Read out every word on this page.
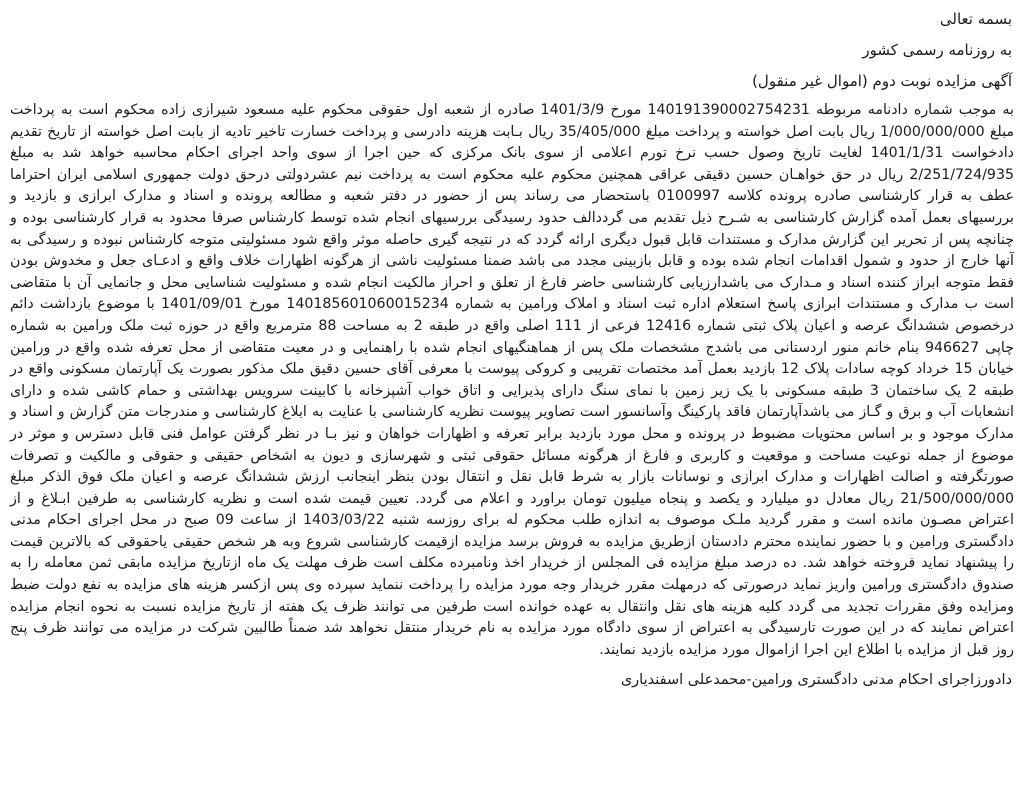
بسمه تعالی

به روزنامه رسمی کشور

آگهی مزایده نوبت دوم (اموال غیر منقول)

به موجب شماره دادنامه مربوطه 140191390002754231 مورخ 1401/3/9 صادره از شعبه اول حقوقی محکوم علیه مسعود شیرازی زاده محکوم است به پرداخت مبلغ 1/000/000/000 ریال بابت اصل خواسته و پرداخت مبلغ 35/405/000 ریال بـابت هزینه دادرسی و پرداخت خسارت تاخیر تادیه از بابت اصل خواسته از تاریخ تقدیم دادخواست 1401/1/31 لغایت تاریخ وصول حسب نرخ تورم اعلامی از سوی بانک مرکزی که حین اجرا از سوی واحد اجرای احکام محاسبه خواهد شد به مبلغ 2/251/724/935 ریال در حق خواهـان حسین دقیقی عراقی همچنین محکوم علیه محکوم است به پرداخت نیم عشردولتی درحق دولت جمهوری اسلامی ایران احتراما عطف به قرار کارشناسی صادره پرونده کلاسه 0100997 باستحضار می رساند پس از حضور در دفتر شعبه و مطالعه پرونده و اسناد و مدارک ابرازی و بازدید و بررسیهای بعمل آمده گزارش کارشناسی به شـرح ذیل تقدیم می گردد‌الف حدود رسیدگی بررسیهای انجام شده توسط کارشناس صرفا محدود به قرار کارشناسی بوده و چنانچه پس از تحریر این گزارش مدارک و مستندات قابل قبول دیگری ارائه گردد که در نتیجه گیری حاصله موثر واقع شود مسئولیتی متوجه کارشناس نبوده و رسیدگی به آنها خارج از حدود و شمول اقدامات انجام شده بوده و قابل بازبینی مجدد می باشد ضمنا مسئولیت ناشی از هرگونه اظهارات خلاف واقع و ادعـای جعل و مخدوش بودن فقط متوجه ابراز کننده اسناد و مـدارک می باشدارزیابی کارشناسی حاضر فارغ از تعلق و احراز مالکیت انجام شده و مسئولیت شناسایی محل و جانمایی آن با متقاضی است ب مدارک و مستندات ابرازی پاسخ استعلام اداره ثبت اسناد و املاک ورامین به شماره 140185601060015234 مورخ 1401/09/01 با موضوع بازداشت دائم درخصوص ششدانگ عرصه و اعیان پلاک ثبتی شماره 12416 فرعی از 111 اصلی واقع در طبقه 2 به مساحت 88 مترمربع واقع در حوزه ثبت ملک ورامین به شماره چاپی 946627 بنام خانم منور اردستانی می باشد‌ج مشخصات ملک پس از هماهنگیهای انجام شده با راهنمایی و در معیت متقاضی از محل تعرفه شده واقع در ورامین خیابان 15 خرداد کوچه سادات پلاک 12 بازدید بعمل آمد مختصات تقریبی و کروکی پیوست با معرفی آقای حسین دقیق ملک مذکور بصورت یک آپارتمان مسکونی واقع در طبقه 2 یک ساختمان 3 طبقه مسکونی با یک زیر زمین با نمای سنگ دارای پذیرایی و اتاق خواب آشپزخانه با کابینت سرویس بهداشتی و حمام کاشی شده و دارای انشعابات آب و برق و گـاز می باشدآپارتمان فاقد پارکینگ وآسانسور است تصاویر پیوست نظریه کارشناسی با عنایت به ابلاغ کارشناسی و مندرجات متن گزارش و اسناد و مدارک موجود و بر اساس محتویات مضبوط در پرونده و محل مورد بازدید برابر تعرفه و اظهارات خواهان و نیز بـا در نظر گرفتن عوامل فنی قابل دسترس و موثر در موضوع از جمله نوعیت مساحت و موقعیت و کاربری و فارغ از هرگونه مسائل حقوقی ثبتی و شهرسازی و دیون به اشخاص حقیقی و حقوقی و مالکیت و تصرفات صورتگرفته و اصالت اظهارات و مدارک ابرازی و نوسانات بازار به شرط قابل نقل و انتقال بودن بنظر اینجانب ارزش ششدانگ عرصه و اعیان ملک فوق الذکر مبلغ 21/500/000/000 ریال معادل دو میلیارد و یکصد و پنجاه میلیون تومان براورد و اعلام می گردد. تعیین قیمت شده است و نظریه کارشناسی به طرفین ابـلاغ و از اعتراض مصـون مانده است و مقرر گردید ملـک موصوف به اندازه طلب محکوم له برای روزسه شنبه 1403/03/22 از ساعت 09 صبح در محل اجرای احکام مدنی دادگستری ورامین و با حضور نماینده محترم دادستان ازطریق مزایده به فروش برسد مزایده ازقیمت کارشناسی شروع وبه هر شخص حقیقی یاحقوقی که بالاترین قیمت را پیشنهاد نماید فروخته خواهد شد. ده درصد مبلغ مزایده فی المجلس از خریدار اخذ ونامبرده مکلف است ظرف مهلت یک ماه ازتاریخ مزایده مابقی ثمن معامله را به صندوق دادگستری ورامین واریز نماید درصورتی که درمهلت مقرر خریدار وجه مورد مزایده را پرداخت ننماید سپرده وی پس ازکسر هزینه های مزایده به نفع دولت ضبط ومزایده وفق مقررات تجدید می گردد کلیه هزینه های نقل وانتقال به عهده خوانده است طرفین می توانند ظرف یک هفته از تاریخ مزایده نسبت به نحوه انجام مزایده اعتراض نمایند که در این صورت تارسیدگی به اعتراض از سوی دادگاه مورد مزایده به نام خریدار منتقل نخواهد شد ضمناً طالبین شرکت در مزایده می توانند ظرف پنج روز قبل از مزایده با اطلاع این اجرا ازاموال مورد مزایده بازدید نمایند.

دادورزاجرای احکام مدنی دادگستری ورامین-محمدعلی اسفندیاری
